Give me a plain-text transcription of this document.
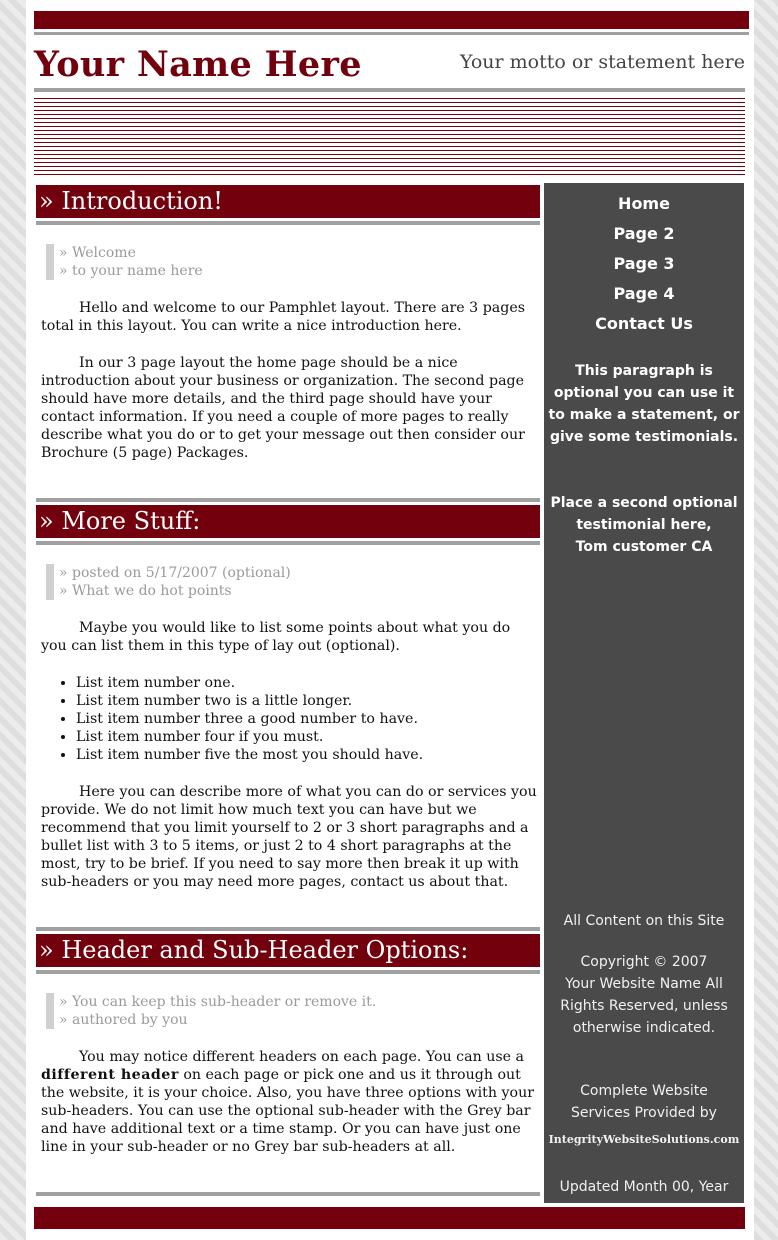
Your Name Here	Your motto or statement here
» Introduction!
» Welcome
» to your name here

Hello and welcome to our Pamphlet layout. There are 3 pages total in this layout. You can write a nice introduction here.

In our 3 page layout the home page should be a nice introduction about your business or organization. The second page should have more details, and the third page should have your contact information. If you need a couple of more pages to really describe what you do or to get your message out then consider our Brochure (5 page) Packages.

» More Stuff:
» posted on 5/17/2007 (optional)
» What we do hot points

Maybe you would like to list some points about what you do you can list them in this type of lay out (optional).

• List item number one.
• List item number two is a little longer.
• List item number three a good number to have.
• List item number four if you must.
• List item number five the most you should have.

Here you can describe more of what you can do or services you provide. We do not limit how much text you can have but we recommend that you limit yourself to 2 or 3 short paragraphs and a bullet list with 3 to 5 items, or just 2 to 4 short paragraphs at the most, try to be brief. If you need to say more then break it up with sub-headers or you may need more pages, contact us about that.

» Header and Sub-Header Options:
» You can keep this sub-header or remove it.
» authored by you

You may notice different headers on each page. You can use a different header on each page or pick one and us it through out the website, it is your choice. Also, you have three options with your sub-headers. You can use the optional sub-header with the Grey bar and have additional text or a time stamp. Or you can have just one line in your sub-header or no Grey bar sub-headers at all.

Home
Page 2
Page 3
Page 4
Contact Us
This paragraph is optional you can use it to make a statement, or give some testimonials.
Place a second optional testimonial here,
Tom customer CA
All Content on this Site
Copyright © 2007
Your Website Name All Rights Reserved, unless otherwise indicated.
Complete Website Services Provided by
IntegrityWebsiteSolutions.com
Updated Month 00, Year
